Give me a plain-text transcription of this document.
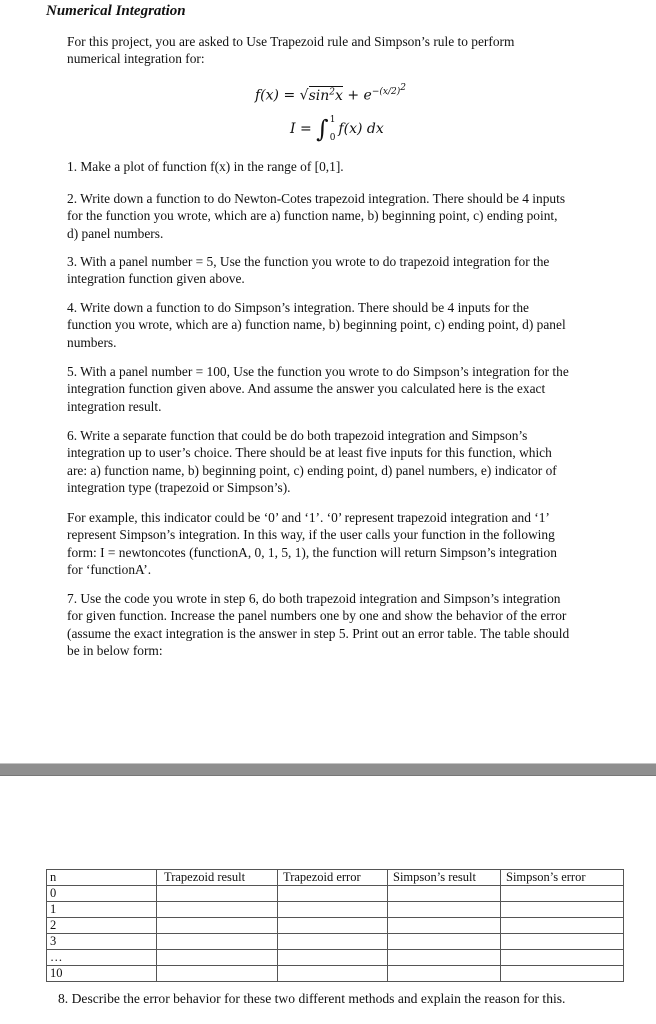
Numerical Integration
For this project, you are asked to Use Trapezoid rule and Simpson’s rule to perform
numerical integration for:
$f(x) = √\sin^2x + e^{-(x/2)^2}$
I =
∫ 1
0
f(x) dx
1. Make a plot of function f(x) in the range of [0,1].
2. Write down a function to do Newton-Cotes trapezoid integration. There should be 4 inputs
for the function you wrote, which are a) function name, b) beginning point, c) ending point,
d) panel numbers.
3. With a panel number = 5, Use the function you wrote to do trapezoid integration for the
integration function given above.
4. Write down a function to do Simpson’s integration. There should be 4 inputs for the
function you wrote, which are a) function name, b) beginning point, c) ending point, d) panel
numbers.
5. With a panel number = 100, Use the function you wrote to do Simpson’s integration for the
integration function given above. And assume the answer you calculated here is the exact
integration result.
6. Write a separate function that could be do both trapezoid integration and Simpson’s
integration up to user’s choice. There should be at least five inputs for this function, which
are: a) function name, b) beginning point, c) ending point, d) panel numbers, e) indicator of
integration type (trapezoid or Simpson’s).
For example, this indicator could be ‘0’ and ‘1’. ‘0’ represent trapezoid integration and ‘1’
represent Simpson’s integration. In this way, if the user calls your function in the following
form: I = newtoncotes (functionA, 0, 1, 5, 1), the function will return Simpson’s integration
for ‘functionA’.
7. Use the code you wrote in step 6, do both trapezoid integration and Simpson’s integration
for given function. Increase the panel numbers one by one and show the behavior of the error
(assume the exact integration is the answer in step 5. Print out an error table. The table should
be in below form:
n	Trapezoid result	Trapezoid error	Simpson’s result	Simpson’s error
0				
1				
2				
3				
…				
10				
8. Describe the error behavior for these two different methods and explain the reason for this.
